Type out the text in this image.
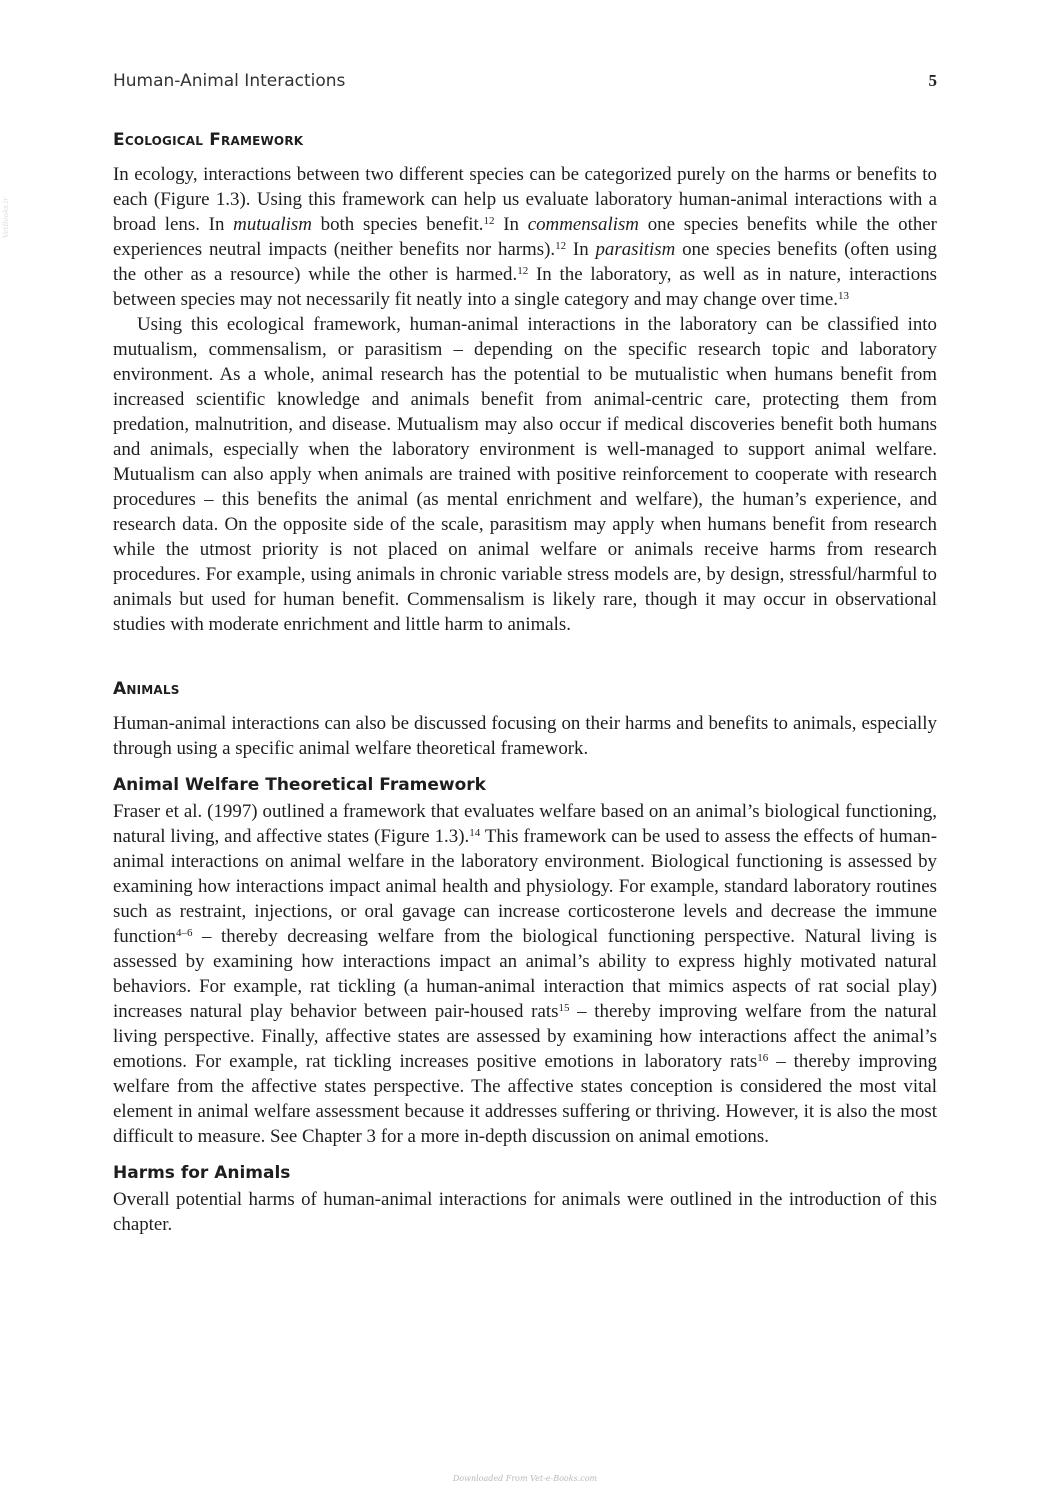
VetBooks.ir
Human-Animal Interactions	5
Ecological Framework

In ecology, interactions between two different species can be categorized purely on the harms or benefits to each (Figure 1.3). Using this framework can help us evaluate laboratory human-animal interactions with a broad lens. In mutualism both species benefit.$^{12}$ In commensalism one species benefits while the other experiences neutral impacts (neither benefits nor harms).$^{12}$ In parasitism one species benefits (often using the other as a resource) while the other is harmed.$^{12}$ In the laboratory, as well as in nature, interactions between species may not necessarily fit neatly into a single category and may change over time.$^{13}$

Using this ecological framework, human-animal interactions in the laboratory can be classified into mutualism, commensalism, or parasitism – depending on the specific research topic and laboratory environment. As a whole, animal research has the potential to be mutualistic when humans benefit from increased scientific knowledge and animals benefit from animal-centric care, protecting them from predation, malnutrition, and disease. Mutualism may also occur if medical discoveries benefit both humans and animals, especially when the laboratory environment is well-managed to support animal welfare. Mutualism can also apply when animals are trained with positive reinforcement to cooperate with research procedures – this benefits the animal (as mental enrichment and welfare), the human’s experience, and research data. On the opposite side of the scale, parasitism may apply when humans benefit from research while the utmost priority is not placed on animal welfare or animals receive harms from research procedures. For example, using animals in chronic variable stress models are, by design, stressful/harmful to animals but used for human benefit. Commensalism is likely rare, though it may occur in observational studies with moderate enrichment and little harm to animals.

Animals

Human-animal interactions can also be discussed focusing on their harms and benefits to animals, especially through using a specific animal welfare theoretical framework.

Animal Welfare Theoretical Framework

Fraser et al. (1997) outlined a framework that evaluates welfare based on an animal’s biological functioning, natural living, and affective states (Figure 1.3).$^{14}$ This framework can be used to assess the effects of human-animal interactions on animal welfare in the laboratory environment. Biological functioning is assessed by examining how interactions impact animal health and physiology. For example, standard laboratory routines such as restraint, injections, or oral gavage can increase corticosterone levels and decrease the immune function$^{4-6}$ – thereby decreasing welfare from the biological functioning perspective. Natural living is assessed by examining how interactions impact an animal’s ability to express highly motivated natural behaviors. For example, rat tickling (a human-animal interaction that mimics aspects of rat social play) increases natural play behavior between pair-housed rats$^{15}$ – thereby improving welfare from the natural living perspective. Finally, affective states are assessed by examining how interactions affect the animal’s emotions. For example, rat tickling increases positive emotions in laboratory rats$^{16}$ – thereby improving welfare from the affective states perspective. The affective states conception is considered the most vital element in animal welfare assessment because it addresses suffering or thriving. However, it is also the most difficult to measure. See Chapter 3 for a more in-depth discussion on animal emotions.

Harms for Animals

Overall potential harms of human-animal interactions for animals were outlined in the introduction of this chapter.

Downloaded From Vet-e-Books.com
